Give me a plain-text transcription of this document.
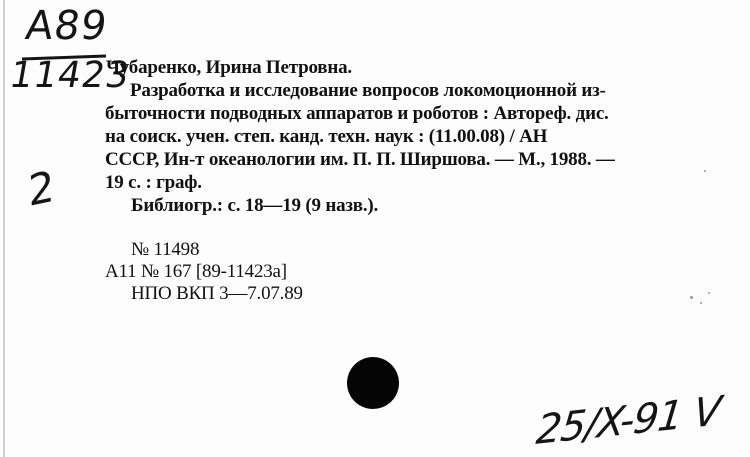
A89
11423
2
Чубаренко, Ирина Петровна.
Разработка и исследование вопросов локомоционной из-
быточности подводных аппаратов и роботов : Автореф. дис.
на соиск. учен. степ. канд. техн. наук : (11.00.08) / АН
СССР, Ин-т океанологии им. П. П. Ширшова. — М., 1988. —
19 с. : граф.
Библиогр.: с. 18—19 (9 назв.).
№ 11498
А11 № 167 [89-11423а]
НПО ВКП 3—7.07.89
25/X-91 V
